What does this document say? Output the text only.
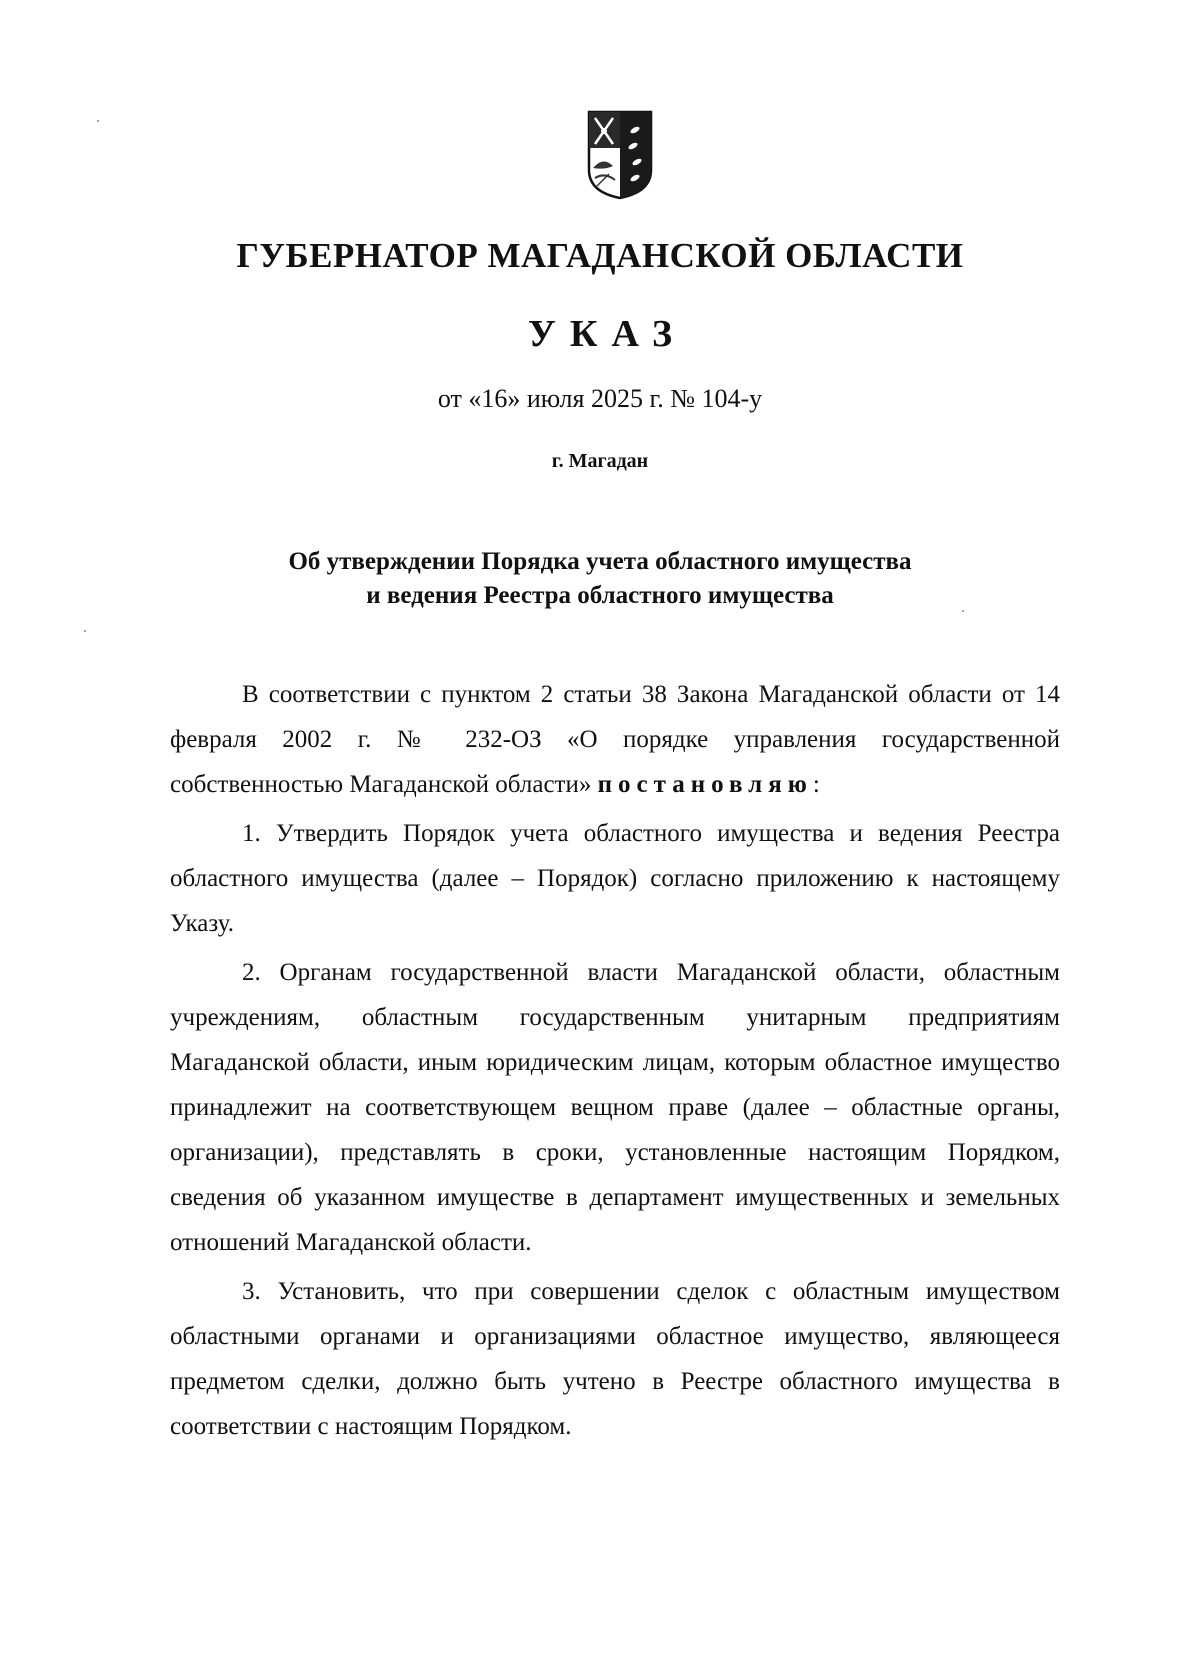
ГУБЕРНАТОР МАГАДАНСКОЙ ОБЛАСТИ
УКАЗ
от «16» июля 2025 г. № 104-у
г. Магадан
Об утверждении Порядка учета областного имущества
и ведения Реестра областного имущества

В соответствии с пунктом 2 статьи 38 Закона Магаданской области от 14 февраля 2002 г. № 232-ОЗ «О порядке управления государственной собственностью Магаданской области» постановляю:

1. Утвердить Порядок учета областного имущества и ведения Реестра областного имущества (далее – Порядок) согласно приложению к настоящему Указу.

2. Органам государственной власти Магаданской области, областным учреждениям, областным государственным унитарным предприятиям Магаданской области, иным юридическим лицам, которым областное имущество принадлежит на соответствующем вещном праве (далее – областные органы, организации), представлять в сроки, установленные настоящим Порядком, сведения об указанном имуществе в департамент имущественных и земельных отношений Магаданской области.

3. Установить, что при совершении сделок с областным имуществом областными органами и организациями областное имущество, являющееся предметом сделки, должно быть учтено в Реестре областного имущества в соответствии с настоящим Порядком.
